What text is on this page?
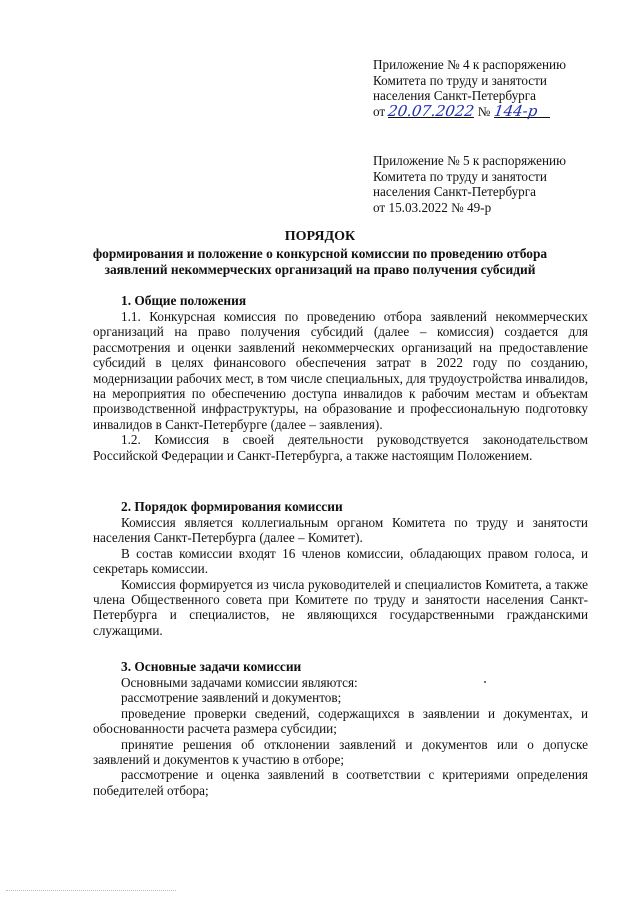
Приложение № 4 к распоряжению
Комитета по труду и занятости
населения Санкт-Петербурга
от 20.07.2022 № 144-р
Приложение № 5 к распоряжению
Комитета по труду и занятости
населения Санкт-Петербурга
от 15.03.2022 № 49-р
ПОРЯДОК
формирования и положение о конкурсной комиссии по проведению отбора
заявлений некоммерческих организаций на право получения субсидий
1. Общие положения
1.1. Конкурсная комиссия по проведению отбора заявлений некоммерческих организаций на право получения субсидий (далее – комиссия) создается для рассмотрения и оценки заявлений некоммерческих организаций на предоставление субсидий в целях финансового обеспечения затрат в 2022 году по созданию, модернизации рабочих мест, в том числе специальных, для трудоустройства инвалидов, на мероприятия по обеспечению доступа инвалидов к рабочим местам и объектам производственной инфраструктуры, на образование и профессиональную подготовку инвалидов в Санкт-Петербурге (далее – заявления).
1.2. Комиссия в своей деятельности руководствуется законодательством Российской Федерации и Санкт-Петербурга, а также настоящим Положением.
2. Порядок формирования комиссии
Комиссия является коллегиальным органом Комитета по труду и занятости населения Санкт-Петербурга (далее – Комитет).
В состав комиссии входят 16 членов комиссии, обладающих правом голоса, и секретарь комиссии.
Комиссия формируется из числа руководителей и специалистов Комитета, а также члена Общественного совета при Комитете по труду и занятости населения Санкт-Петербурга и специалистов, не являющихся государственными гражданскими служащими.
3. Основные задачи комиссии
Основными задачами комиссии являются:
рассмотрение заявлений и документов;
проведение проверки сведений, содержащихся в заявлении и документах, и обоснованности расчета размера субсидии;
принятие решения об отклонении заявлений и документов или о допуске заявлений и документов к участию в отборе;
рассмотрение и оценка заявлений в соответствии с критериями определения победителей отбора;
